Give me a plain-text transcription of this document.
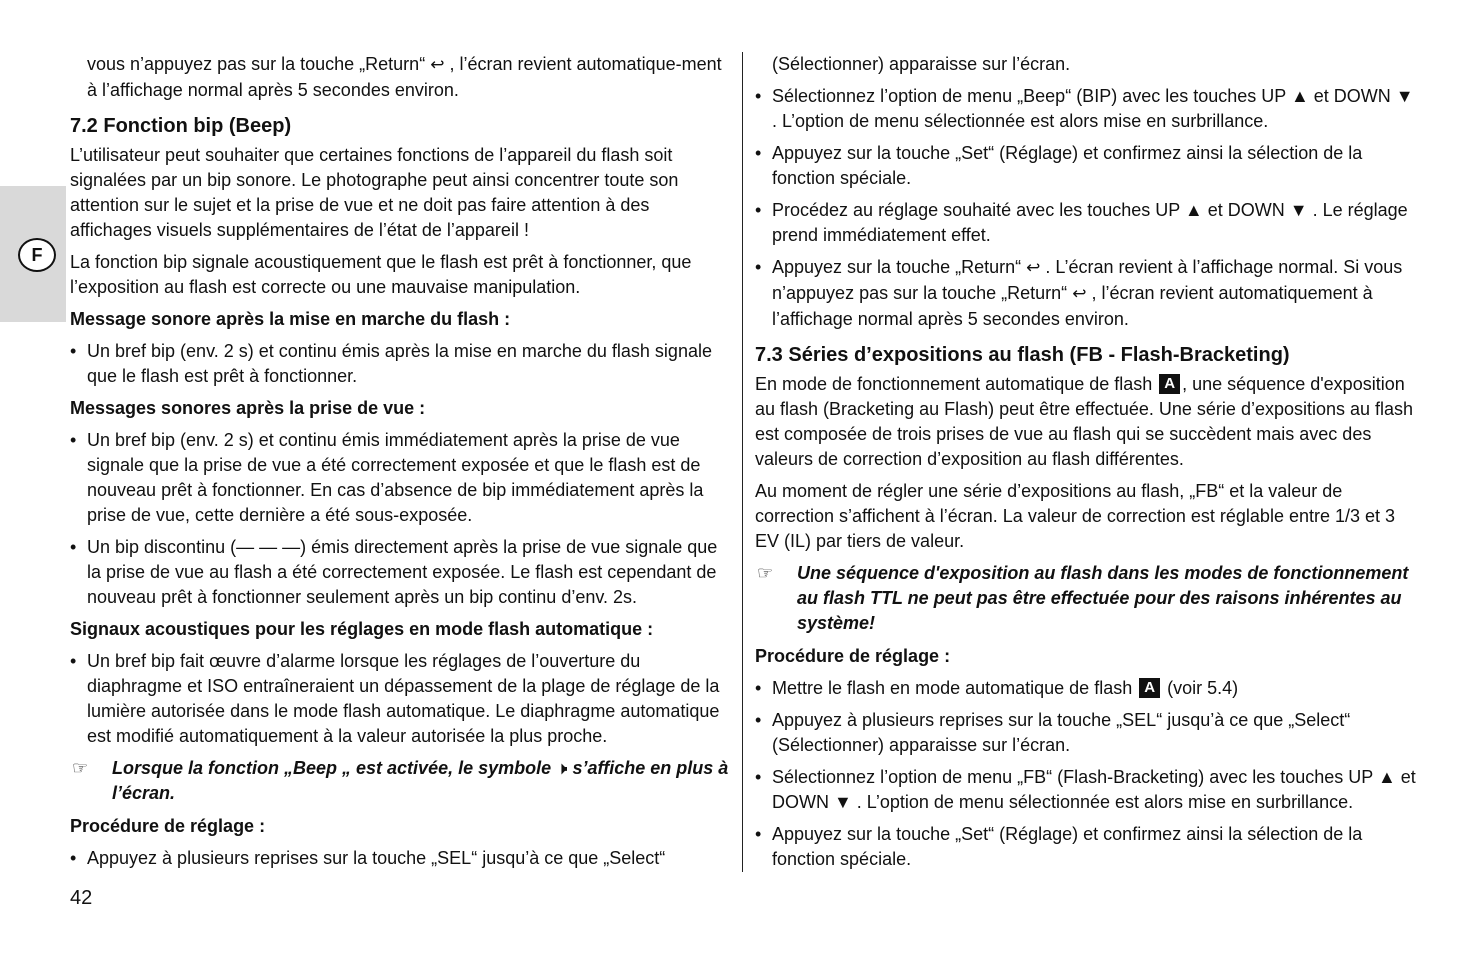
F

vous n’appuyez pas sur la touche „Return“ ↩ , l’écran revient automatique-ment à l’affichage normal après 5 secondes environ.

7.2 Fonction bip (Beep)

L’utilisateur peut souhaiter que certaines fonctions de l’appareil du flash soit signalées par un bip sonore. Le photographe peut ainsi concentrer toute son attention sur le sujet et la prise de vue et ne doit pas faire attention à des affichages visuels supplémentaires de l’état de l’appareil !

La fonction bip signale acoustiquement que le flash est prêt à fonctionner, que l’exposition au flash est correcte ou une mauvaise manipulation.

Message sonore après la mise en marche du flash :
• Un bref bip (env. 2 s) et continu émis après la mise en marche du flash signale que le flash est prêt à fonctionner.
Messages sonores après la prise de vue :
• Un bref bip (env. 2 s) et continu émis immédiatement après la prise de vue signale que la prise de vue a été correctement exposée et que le flash est de nouveau prêt à fonctionner. En cas d’absence de bip immédiatement après la prise de vue, cette dernière a été sous-exposée.
• Un bip discontinu (— — —) émis directement après la prise de vue signale que la prise de vue au flash a été correctement exposée. Le flash est cependant de nouveau prêt à fonctionner seulement après un bip continu d’env. 2s.
Signaux acoustiques pour les réglages en mode flash automatique :
• Un bref bip fait œuvre d’alarme lorsque les réglages de l’ouverture du diaphragme et ISO entraîneraient un dépassement de la plage de réglage de la lumière autorisée dans le mode flash automatique. Le diaphragme automatique est modifié automatiquement à la valeur autorisée la plus proche.
☞ Lorsque la fonction „Beep „ est activée, le symbole 🕨 s’affiche en plus à l’écran.
Procédure de réglage :
• Appuyez à plusieurs reprises sur la touche „SEL“ jusqu’à ce que „Select“

(Sélectionner) apparaisse sur l’écran.

• Sélectionnez l’option de menu „Beep“ (BIP) avec les touches UP ▲ et DOWN ▼ . L’option de menu sélectionnée est alors mise en surbrillance.
• Appuyez sur la touche „Set“ (Réglage) et confirmez ainsi la sélection de la fonction spéciale.
• Procédez au réglage souhaité avec les touches UP ▲ et DOWN ▼ . Le réglage prend immédiatement effet.
• Appuyez sur la touche „Return“ ↩ . L’écran revient à l’affichage normal. Si vous n’appuyez pas sur la touche „Return“ ↩ , l’écran revient automatiquement à l’affichage normal après 5 secondes environ.
7.3 Séries d’expositions au flash (FB - Flash-Bracketing)

En mode de fonctionnement automatique de flash A , une séquence d'exposition au flash (Bracketing au Flash) peut être effectuée. Une série d’expositions au flash est composée de trois prises de vue au flash qui se succèdent mais avec des valeurs de correction d’exposition au flash différentes.

Au moment de régler une série d’expositions au flash, „FB“ et la valeur de correction s’affichent à l’écran. La valeur de correction est réglable entre 1/3 et 3 EV (IL) par tiers de valeur.

☞ Une séquence d'exposition au flash dans les modes de fonctionnement au flash TTL ne peut pas être effectuée pour des raisons inhérentes au système!
Procédure de réglage :
• Mettre le flash en mode automatique de flash A (voir 5.4)
• Appuyez à plusieurs reprises sur la touche „SEL“ jusqu’à ce que „Select“ (Sélectionner) apparaisse sur l’écran.
• Sélectionnez l’option de menu „FB“ (Flash-Bracketing) avec les touches UP ▲ et DOWN ▼ . L’option de menu sélectionnée est alors mise en surbrillance.
• Appuyez sur la touche „Set“ (Réglage) et confirmez ainsi la sélection de la fonction spéciale.
42
